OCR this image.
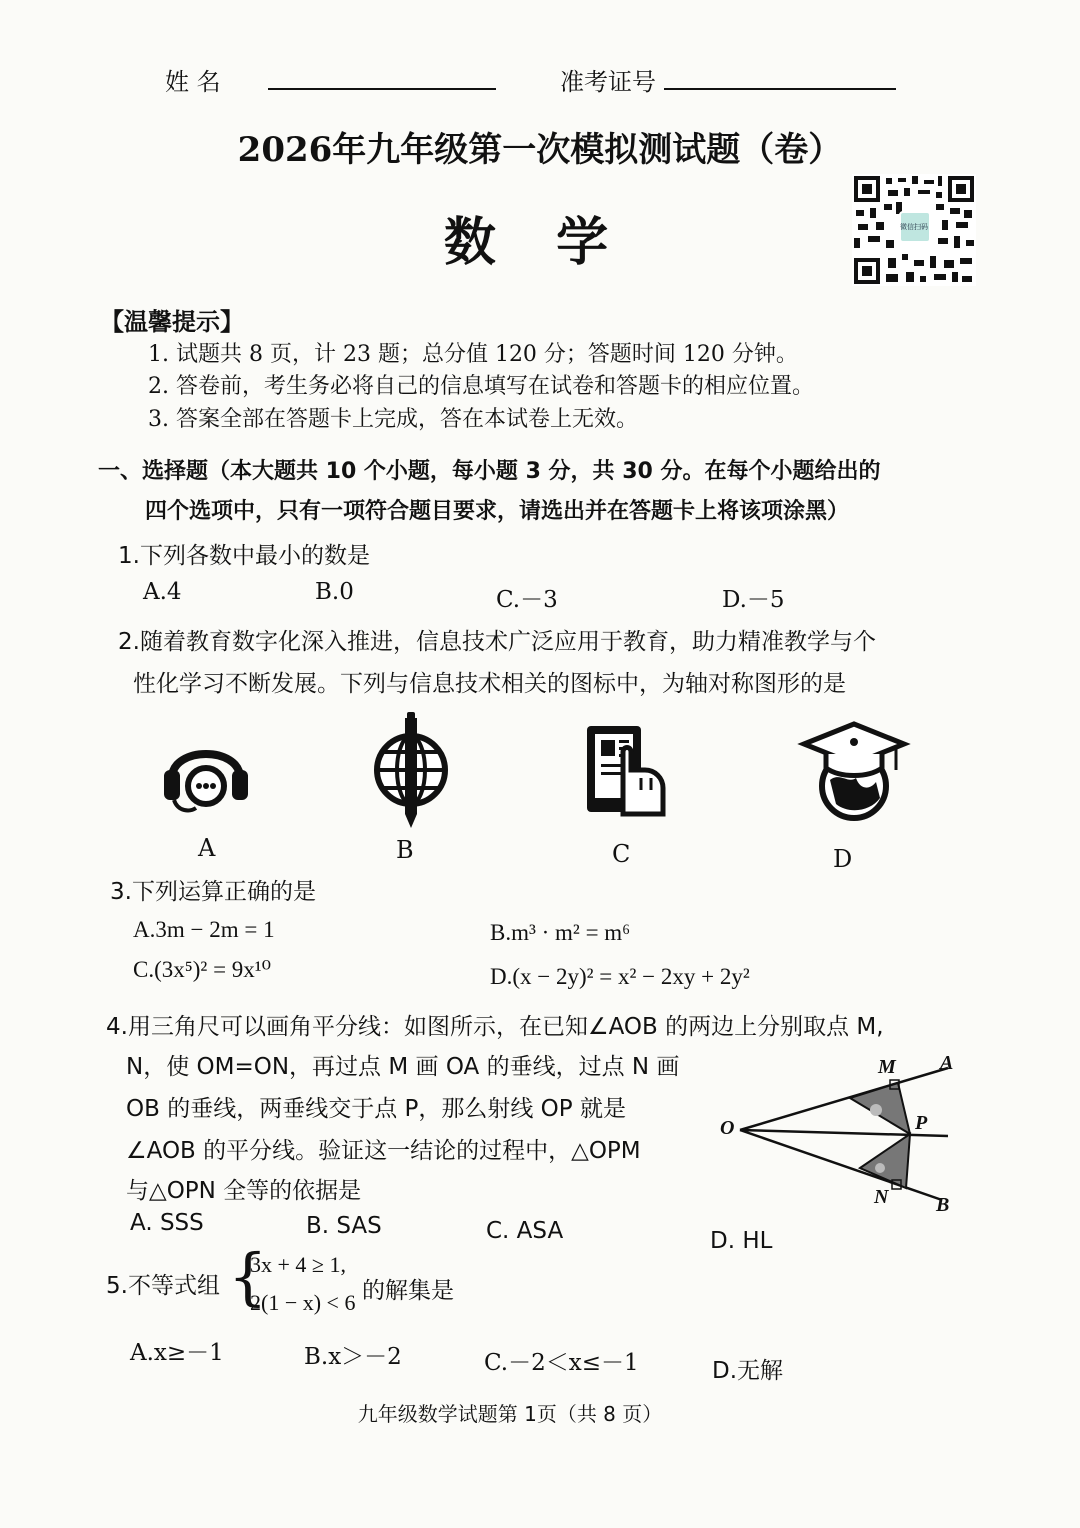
姓 名	准考证号
2026年九年级第一次模拟测试题（卷）
数  学	微信扫码
【温馨提示】
1. 试题共 8 页，计 23 题；总分值 120 分；答题时间 120 分钟。
2. 答卷前，考生务必将自己的信息填写在试卷和答题卡的相应位置。
3. 答案全部在答题卡上完成，答在本试卷上无效。
一、选择题（本大题共 10 个小题，每小题 3 分，共 30 分。在每个小题给出的
四个选项中，只有一项符合题目要求，请选出并在答题卡上将该项涂黑）
1.下列各数中最小的数是
A.4	B.0	C.－3	D.－5
2.随着教育数字化深入推进，信息技术广泛应用于教育，助力精准教学与个
性化学习不断发展。下列与信息技术相关的图标中，为轴对称图形的是
A	B	C	D
3.下列运算正确的是
A.3m − 2m = 1	B.m³ · m² = m⁶
C.(3x⁵)² = 9x¹⁰	D.(x − 2y)² = x² − 2xy + 2y²
4.用三角尺可以画角平分线：如图所示，在已知∠AOB 的两边上分别取点 M,
N，使 OM=ON，再过点 M 画 OA 的垂线，过点 N 画
OB 的垂线，两垂线交于点 P，那么射线 OP 就是
∠AOB 的平分线。验证这一结论的过程中，△OPM
与△OPN 全等的依据是
O
M A
P
N B
A. SSS	B. SAS	C. ASA	D. HL
5.不等式组 {
3x + 4 ≥ 1,
2(1 − x) < 6 的解集是
A.x≥－1	B.x＞－2	C.－2＜x≤－1	D.无解
九年级数学试题第 1页（共 8 页）
